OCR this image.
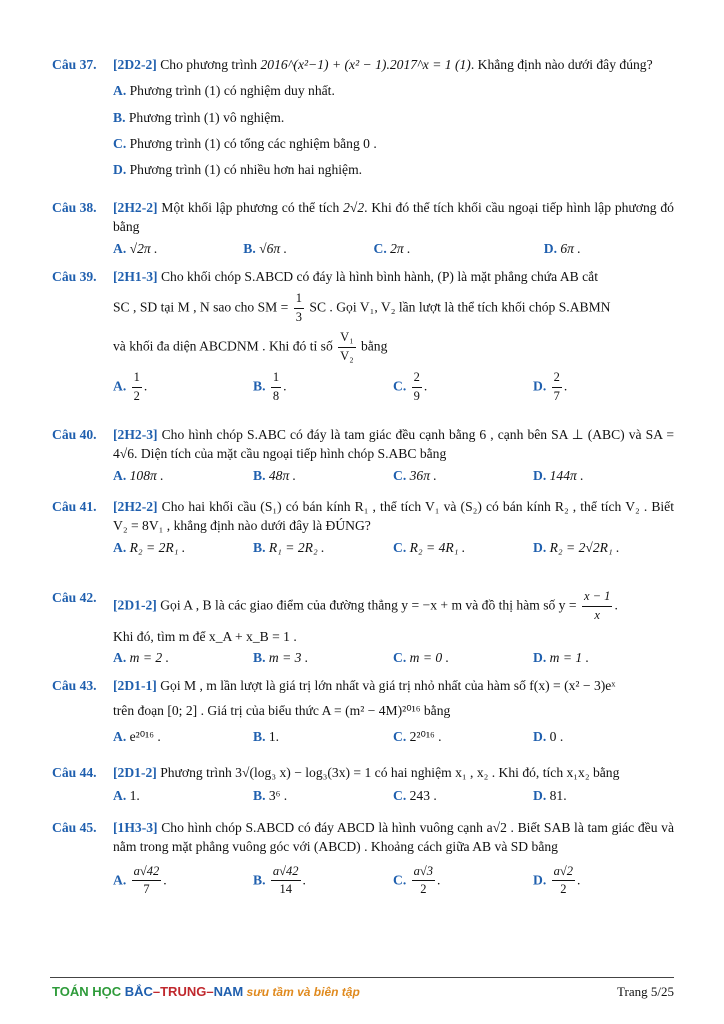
Câu 37. [2D2-2] Cho phương trình 2016^(x²−1) + (x² − 1).2017^x = 1 (1). Khẳng định nào dưới đây đúng?
A. Phương trình (1) có nghiệm duy nhất.
B. Phương trình (1) vô nghiệm.
C. Phương trình (1) có tổng các nghiệm bằng 0 .
D. Phương trình (1) có nhiều hơn hai nghiệm.
Câu 38. [2H2-2] Một khối lập phương có thể tích 2√2. Khi đó thể tích khối cầu ngoại tiếp hình lập phương đó bằng
A. √2π .	B. √6π .	C. 2π .	D. 6π .
Câu 39. [2H1-3] Cho khối chóp S.ABCD có đáy là hình bình hành, (P) là mặt phẳng chứa AB cắt
SC , SD tại M , N sao cho SM = $\frac{1}{3}$ SC . Gọi V₁, V₂ lần lượt là thể tích khối chóp S.ABMN
và khối đa diện ABCDNM . Khi đó tỉ số $\frac{\text{V₁}}{\text{V₂}}$ bằng
A. $\frac{1}{2}$ .	B. $\frac{1}{8}$ .	C. $\frac{2}{9}$ .	D. $\frac{2}{7}$ .
Câu 40. [2H2-3] Cho hình chóp S.ABC có đáy là tam giác đều cạnh bằng 6 , cạnh bên SA ⊥ (ABC) và SA = 4√6. Diện tích của mặt cầu ngoại tiếp hình chóp S.ABC bằng
A. 108π .	B. 48π .	C. 36π .	D. 144π .
Câu 41. [2H2-2] Cho hai khối cầu (S₁) có bán kính R₁ , thể tích V₁ và (S₂) có bán kính R₂ , thể tích V₂ . Biết V₂ = 8V₁ , khẳng định nào dưới đây là ĐÚNG?
A. R₂ = 2R₁ .	B. R₁ = 2R₂ .	C. R₂ = 4R₁ .	D. R₂ = 2√2R₁ .
Câu 42. [2D1-2] Gọi A , B là các giao điểm của đường thẳng y = −x + m và đồ thị hàm số $y = \frac{x - 1}{x}$ .
Khi đó, tìm m để x_A + x_B = 1 .
A. m = 2 .	B. m = 3 .	C. m = 0 .	D. m = 1 .
Câu 43. [2D1-1] Gọi M , m lần lượt là giá trị lớn nhất và giá trị nhỏ nhất của hàm số f(x) = (x² − 3)eˣ
trên đoạn [0; 2] . Giá trị của biểu thức A = (m² − 4M)²⁰¹⁶ bằng
A. e²⁰¹⁶ .	B. 1.	C. 2²⁰¹⁶ .	D. 0 .
Câu 44. [2D1-2] Phương trình 3√(log₃ x) − log₃(3x) = 1 có hai nghiệm x₁ , x₂ . Khi đó, tích x₁x₂ bằng
A. 1.	B. 3⁶ .	C. 243 .	D. 81.
Câu 45. [1H3-3] Cho hình chóp S.ABCD có đáy ABCD là hình vuông cạnh a√2 . Biết SAB là tam giác đều và nằm trong mặt phẳng vuông góc với (ABCD) . Khoảng cách giữa AB và SD bằng
A. $\frac{a√42}{7}$ .	B. $\frac{a√42}{14}$ .	C. $\frac{a√3}{2}$ .	D. $\frac{a√2}{2}$ .
TOÁN HỌC BẮC–TRUNG–NAM sưu tầm và biên tập	Trang 5/25
